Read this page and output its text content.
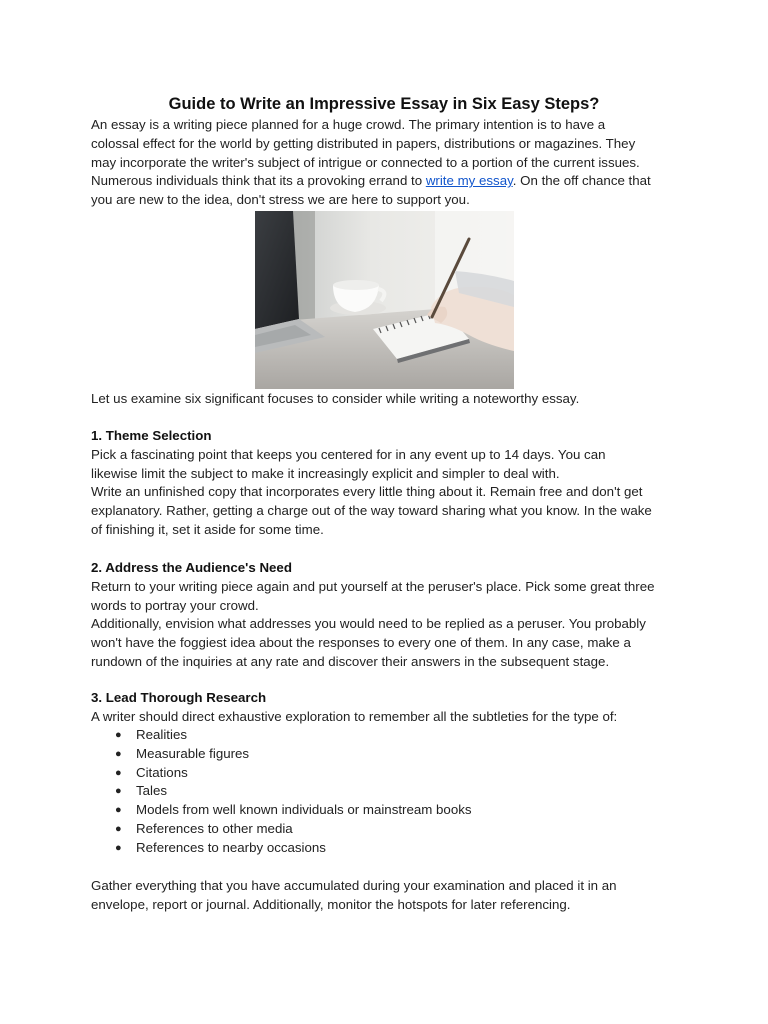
Guide to Write an Impressive Essay in Six Easy Steps?

An essay is a writing piece planned for a huge crowd. The primary intention is to have a
colossal effect for the world by getting distributed in papers, distributions or magazines. They
may incorporate the writer's subject of intrigue or connected to a portion of the current issues.
Numerous individuals think that its a provoking errand to write my essay. On the off chance that
you are new to the idea, don't stress we are here to support you.

Let us examine six significant focuses to consider while writing a noteworthy essay.

1. Theme Selection
Pick a fascinating point that keeps you centered for in any event up to 14 days. You can
likewise limit the subject to make it increasingly explicit and simpler to deal with.
Write an unfinished copy that incorporates every little thing about it. Remain free and don't get
explanatory. Rather, getting a charge out of the way toward sharing what you know. In the wake
of finishing it, set it aside for some time.

2. Address the Audience's Need
Return to your writing piece again and put yourself at the peruser's place. Pick some great three
words to portray your crowd.
Additionally, envision what addresses you would need to be replied as a peruser. You probably
won't have the foggiest idea about the responses to every one of them. In any case, make a
rundown of the inquiries at any rate and discover their answers in the subsequent stage.

3. Lead Thorough Research
A writer should direct exhaustive exploration to remember all the subtleties for the type of:

● Realities
● Measurable figures
● Citations
● Tales
● Models from well known individuals or mainstream books
● References to other media
● References to nearby occasions

Gather everything that you have accumulated during your examination and placed it in an
envelope, report or journal. Additionally, monitor the hotspots for later referencing.
